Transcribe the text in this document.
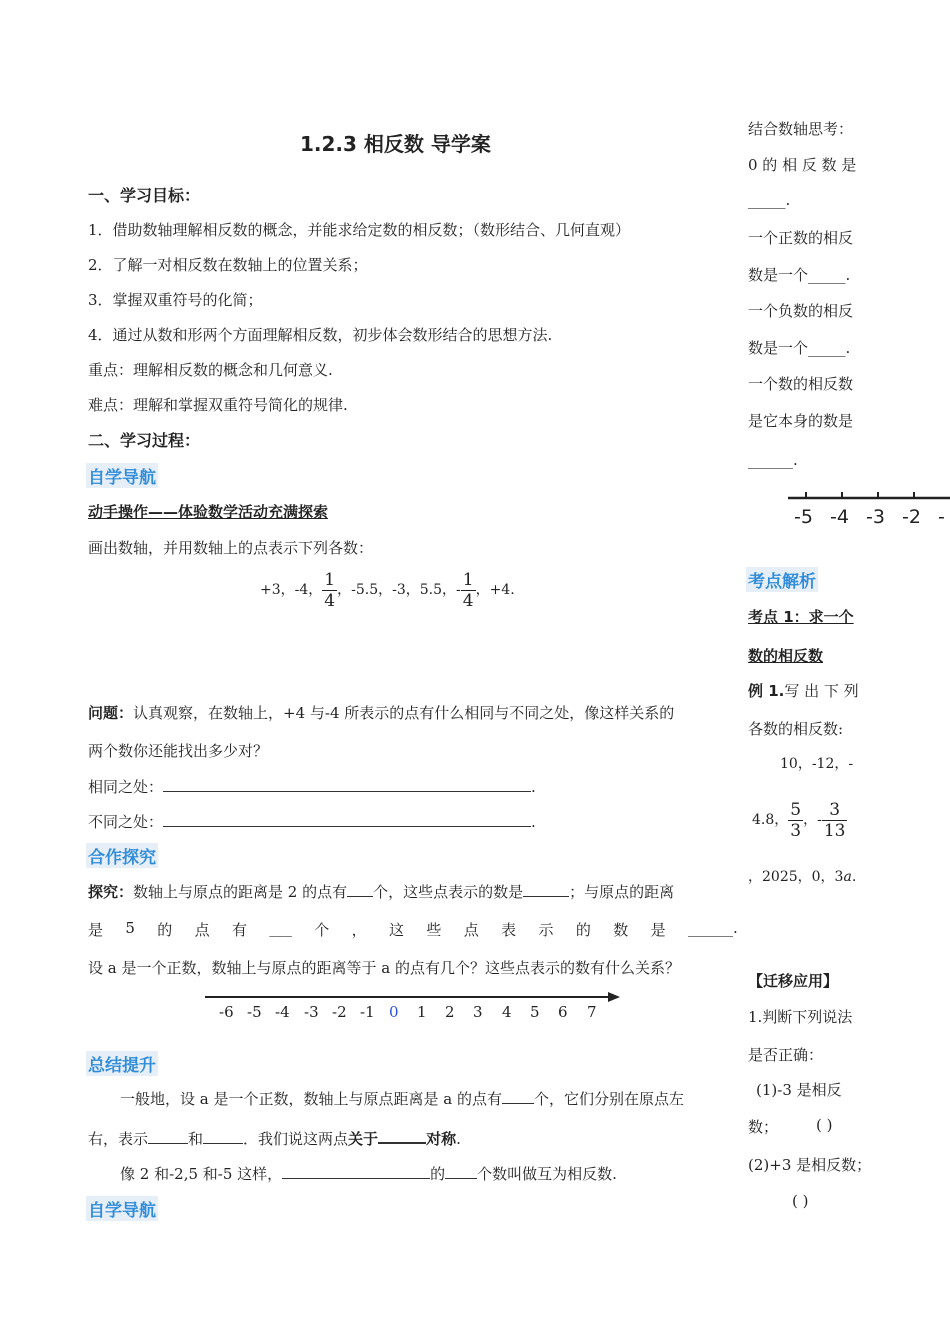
1.2.3 相反数 导学案
一、学习目标：
1．借助数轴理解相反数的概念，并能求给定数的相反数；（数形结合、几何直观）
2．了解一对相反数在数轴上的位置关系；
3．掌握双重符号的化简；
4．通过从数和形两个方面理解相反数，初步体会数形结合的思想方法.
重点：理解相反数的概念和几何意义.
难点：理解和掌握双重符号简化的规律.
二、学习过程：
自学导航
动手操作——体验数学活动充满探索
画出数轴，并用数轴上的点表示下列各数：
+3，-4， $\frac{1}{4}$ ，-5.5，-3，5.5，- $\frac{1}{4}$ ，+4.
问题：认真观察，在数轴上，+4 与-4 所表示的点有什么相同与不同之处，像这样关系的
两个数你还能找出多少对？
相同之处：	.
不同之处：	.
合作探究
探究：数轴上与原点的距离是 2 的点有 个，这些点表示的数是	；与原点的距离
是 5 的 点 有 ___ 个 ， 这 些 点 表 示 的 数 是 ______.
设 a 是一个正数，数轴上与原点的距离等于 a 的点有几个？这些点表示的数有什么关系？
-6 -5 -4 -3 -2 -1 0 1 2 3 4 5 6 7
总结提升
一般地，设 a 是一个正数，数轴上与原点距离是 a 的点有 个，它们分别在原点左
右，表示	和	．我们说这两点关于	对称.
像 2 和-2,5 和-5 这样，	的 个数叫做互为相反数.
自学导航
结合数轴思考：
0 的 相 反 数 是
_____.
一个正数的相反
数是一个_____.
一个负数的相反
数是一个_____.
一个数的相反数
是它本身的数是
______.
-5 -4 -3 -2 -
考点解析
考点 1：求一个
数的相反数
例 1.写 出 下 列
各数的相反数:
10，-12，-
4.8， $\frac{5}{3}$ ，- $\frac{3}{13}$
，2025，0，3a.
【迁移应用】
1.判断下列说法
是否正确：
(1)-3 是相反
数；	( )
(2)+3 是相反数；
( )
